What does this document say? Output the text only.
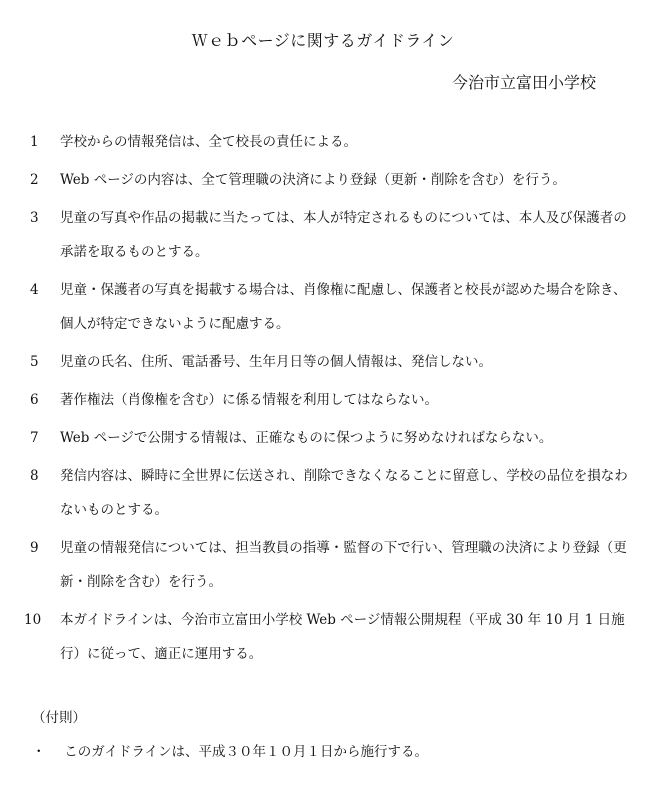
Ｗｅｂページに関するガイドライン
今治市立富田小学校
1	学校からの情報発信は、全て校長の責任による。
2	Web ページの内容は、全て管理職の決済により登録（更新・削除を含む）を行う。
3	児童の写真や作品の掲載に当たっては、本人が特定されるものについては、本人及び保護者の承諾を取るものとする。
4	児童・保護者の写真を掲載する場合は、肖像権に配慮し、保護者と校長が認めた場合を除き、個人が特定できないように配慮する。
5	児童の氏名、住所、電話番号、生年月日等の個人情報は、発信しない。
6	著作権法（肖像権を含む）に係る情報を利用してはならない。
7	Web ページで公開する情報は、正確なものに保つように努めなければならない。
8	発信内容は、瞬時に全世界に伝送され、削除できなくなることに留意し、学校の品位を損なわないものとする。
9	児童の情報発信については、担当教員の指導・監督の下で行い、管理職の決済により登録（更新・削除を含む）を行う。
10	本ガイドラインは、今治市立富田小学校 Web ページ情報公開規程（平成 30 年 10 月 1 日施行）に従って、適正に運用する。
（付則）
・ このガイドラインは、平成３０年１０月１日から施行する。
